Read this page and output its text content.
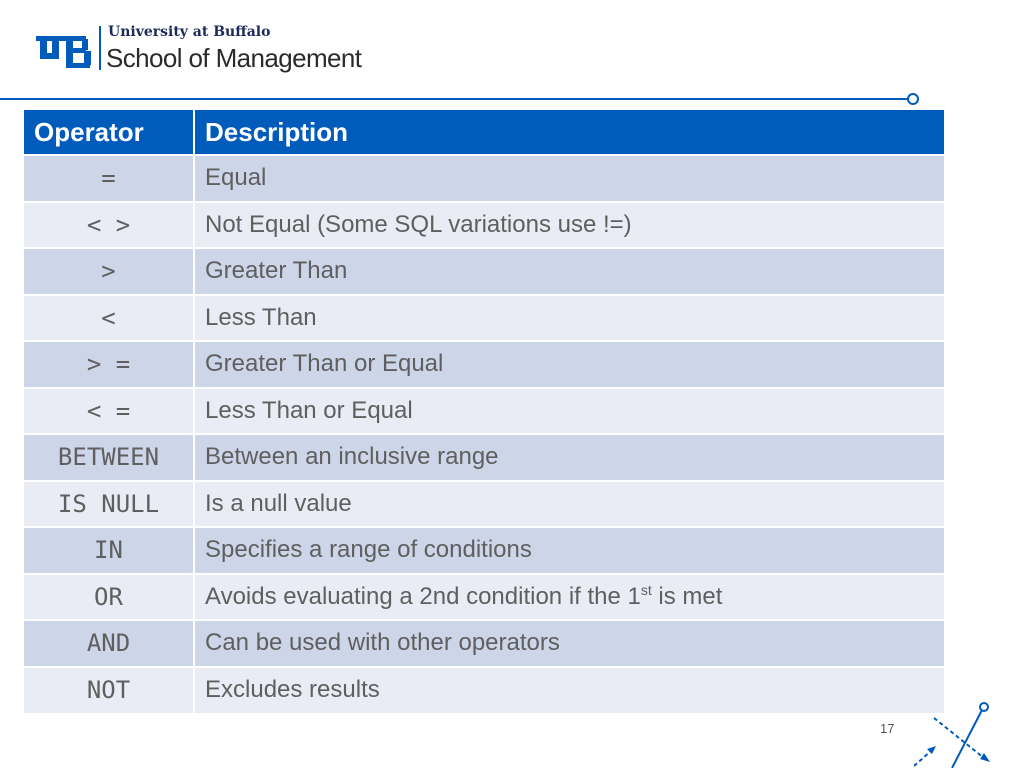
University at Buffalo
School of Management
Operator	Description
=	Equal
< >	Not Equal (Some SQL variations use !=)
>	Greater Than
<	Less Than
> =	Greater Than or Equal
< =	Less Than or Equal
BETWEEN	Between an inclusive range
IS NULL	Is a null value
IN	Specifies a range of conditions
OR	Avoids evaluating a 2nd condition if the 1st is met
AND	Can be used with other operators
NOT	Excludes results
17
